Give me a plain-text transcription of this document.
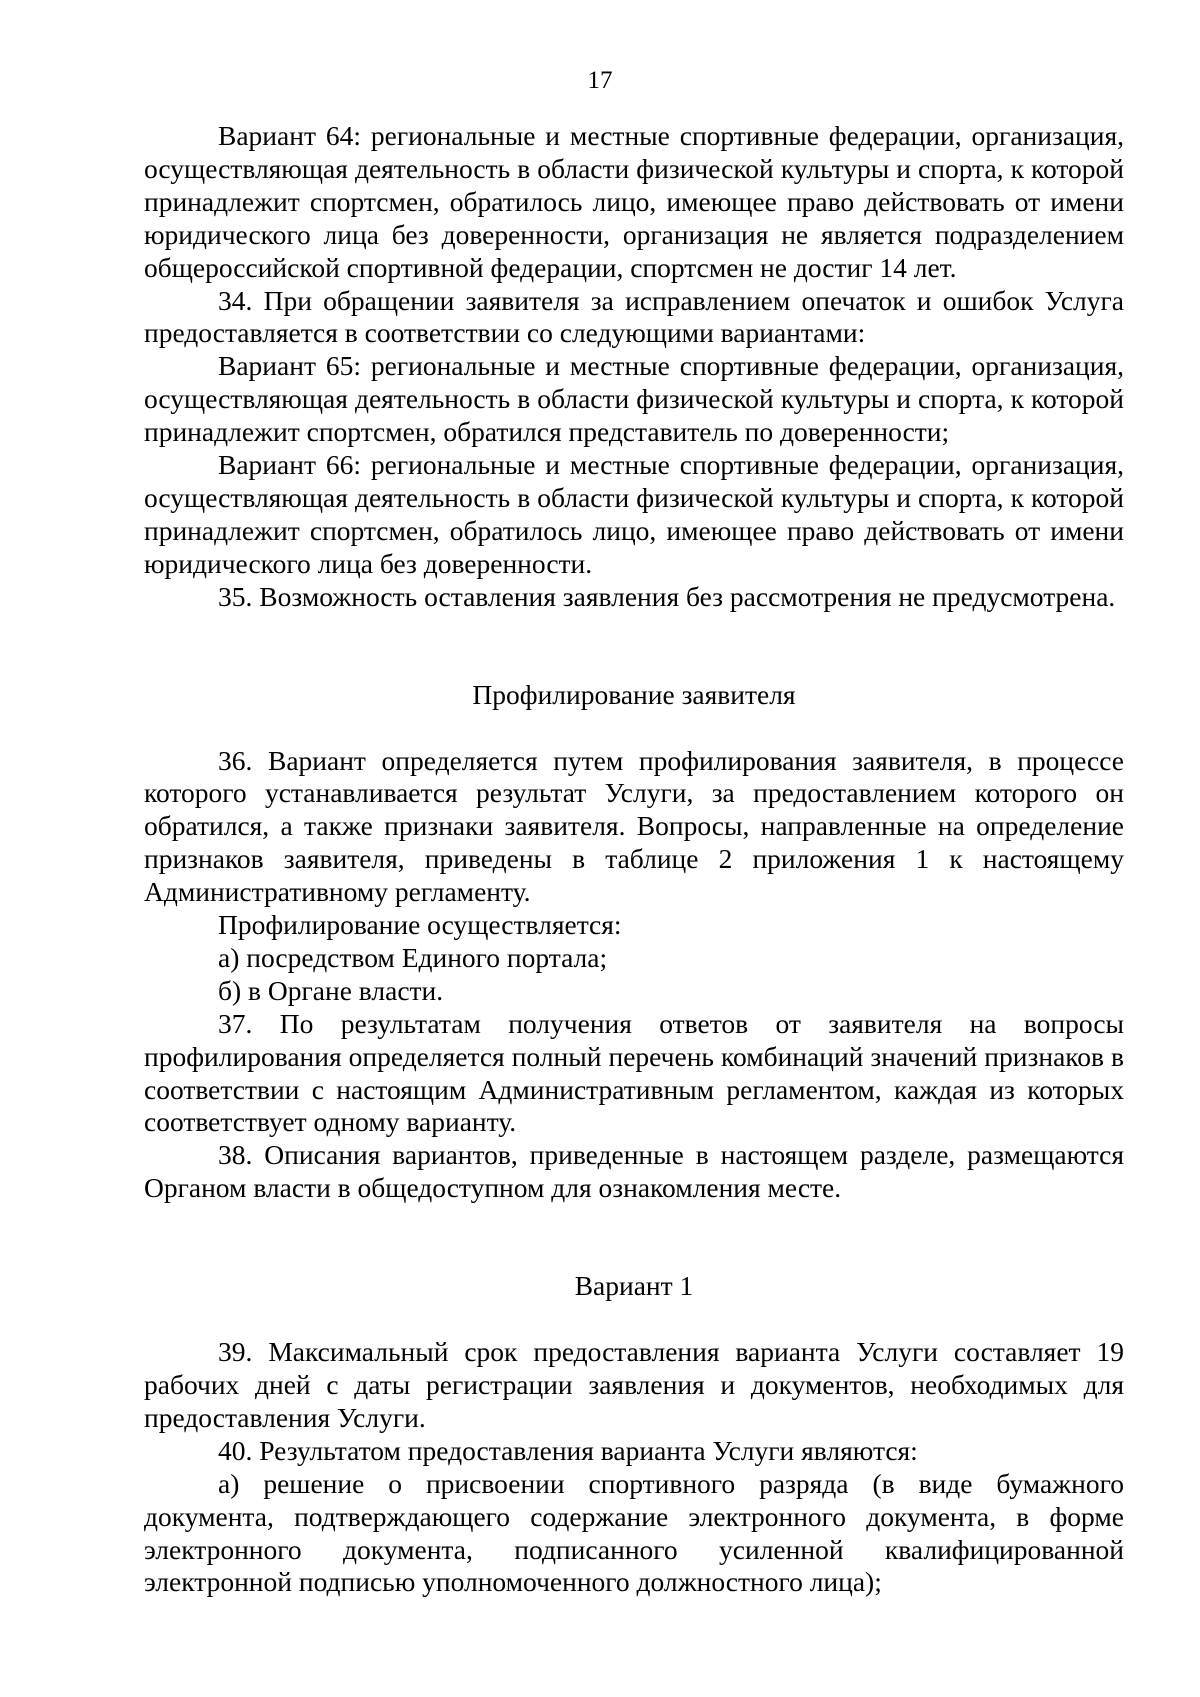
17

Вариант 64: региональные и местные спортивные федерации, организация, осуществляющая деятельность в области физической культуры и спорта, к которой принадлежит спортсмен, обратилось лицо, имеющее право действовать от имени юридического лица без доверенности, организация не является подразделением общероссийской спортивной федерации, спортсмен не достиг 14 лет.

34. При обращении заявителя за исправлением опечаток и ошибок Услуга предоставляется в соответствии со следующими вариантами:

Вариант 65: региональные и местные спортивные федерации, организация, осуществляющая деятельность в области физической культуры и спорта, к которой принадлежит спортсмен, обратился представитель по доверенности;

Вариант 66: региональные и местные спортивные федерации, организация, осуществляющая деятельность в области физической культуры и спорта, к которой принадлежит спортсмен, обратилось лицо, имеющее право действовать от имени юридического лица без доверенности.

35. Возможность оставления заявления без рассмотрения не предусмотрена.

Профилирование заявителя

36. Вариант определяется путем профилирования заявителя, в процессе которого устанавливается результат Услуги, за предоставлением которого он обратился, а также признаки заявителя. Вопросы, направленные на определение признаков заявителя, приведены в таблице 2 приложения 1 к настоящему Административному регламенту.

Профилирование осуществляется:

а) посредством Единого портала;

б) в Органе власти.

37. По результатам получения ответов от заявителя на вопросы профилирования определяется полный перечень комбинаций значений признаков в соответствии с настоящим Административным регламентом, каждая из которых соответствует одному варианту.

38. Описания вариантов, приведенные в настоящем разделе, размещаются Органом власти в общедоступном для ознакомления месте.

Вариант 1

39. Максимальный срок предоставления варианта Услуги составляет 19 рабочих дней с даты регистрации заявления и документов, необходимых для предоставления Услуги.

40. Результатом предоставления варианта Услуги являются:

а) решение о присвоении спортивного разряда (в виде бумажного документа, подтверждающего содержание электронного документа, в форме электронного документа, подписанного усиленной квалифицированной электронной подписью уполномоченного должностного лица);
